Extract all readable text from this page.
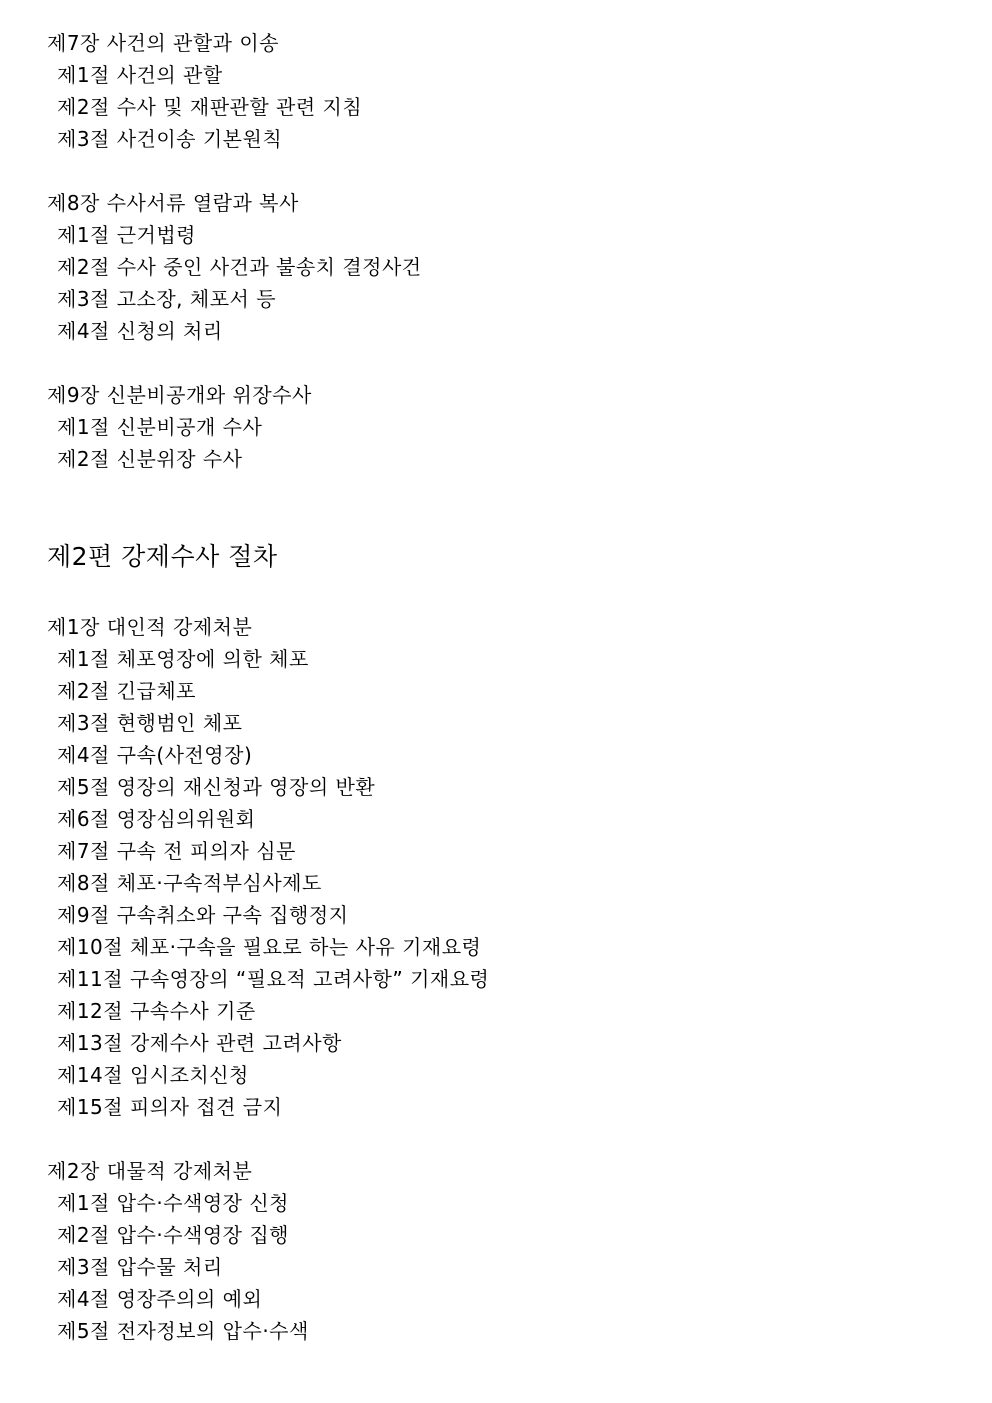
제7장 사건의 관할과 이송
제1절 사건의 관할
제2절 수사 및 재판관할 관련 지침
제3절 사건이송 기본원칙
제8장 수사서류 열람과 복사
제1절 근거법령
제2절 수사 중인 사건과 불송치 결정사건
제3절 고소장, 체포서 등
제4절 신청의 처리
제9장 신분비공개와 위장수사
제1절 신분비공개 수사
제2절 신분위장 수사
제2편 강제수사 절차
제1장 대인적 강제처분
제1절 체포영장에 의한 체포
제2절 긴급체포
제3절 현행범인 체포
제4절 구속(사전영장)
제5절 영장의 재신청과 영장의 반환
제6절 영장심의위원회
제7절 구속 전 피의자 심문
제8절 체포·구속적부심사제도
제9절 구속취소와 구속 집행정지
제10절 체포·구속을 필요로 하는 사유 기재요령
제11절 구속영장의 “필요적 고려사항” 기재요령
제12절 구속수사 기준
제13절 강제수사 관련 고려사항
제14절 임시조치신청
제15절 피의자 접견 금지
제2장 대물적 강제처분
제1절 압수·수색영장 신청
제2절 압수·수색영장 집행
제3절 압수물 처리
제4절 영장주의의 예외
제5절 전자정보의 압수·수색
